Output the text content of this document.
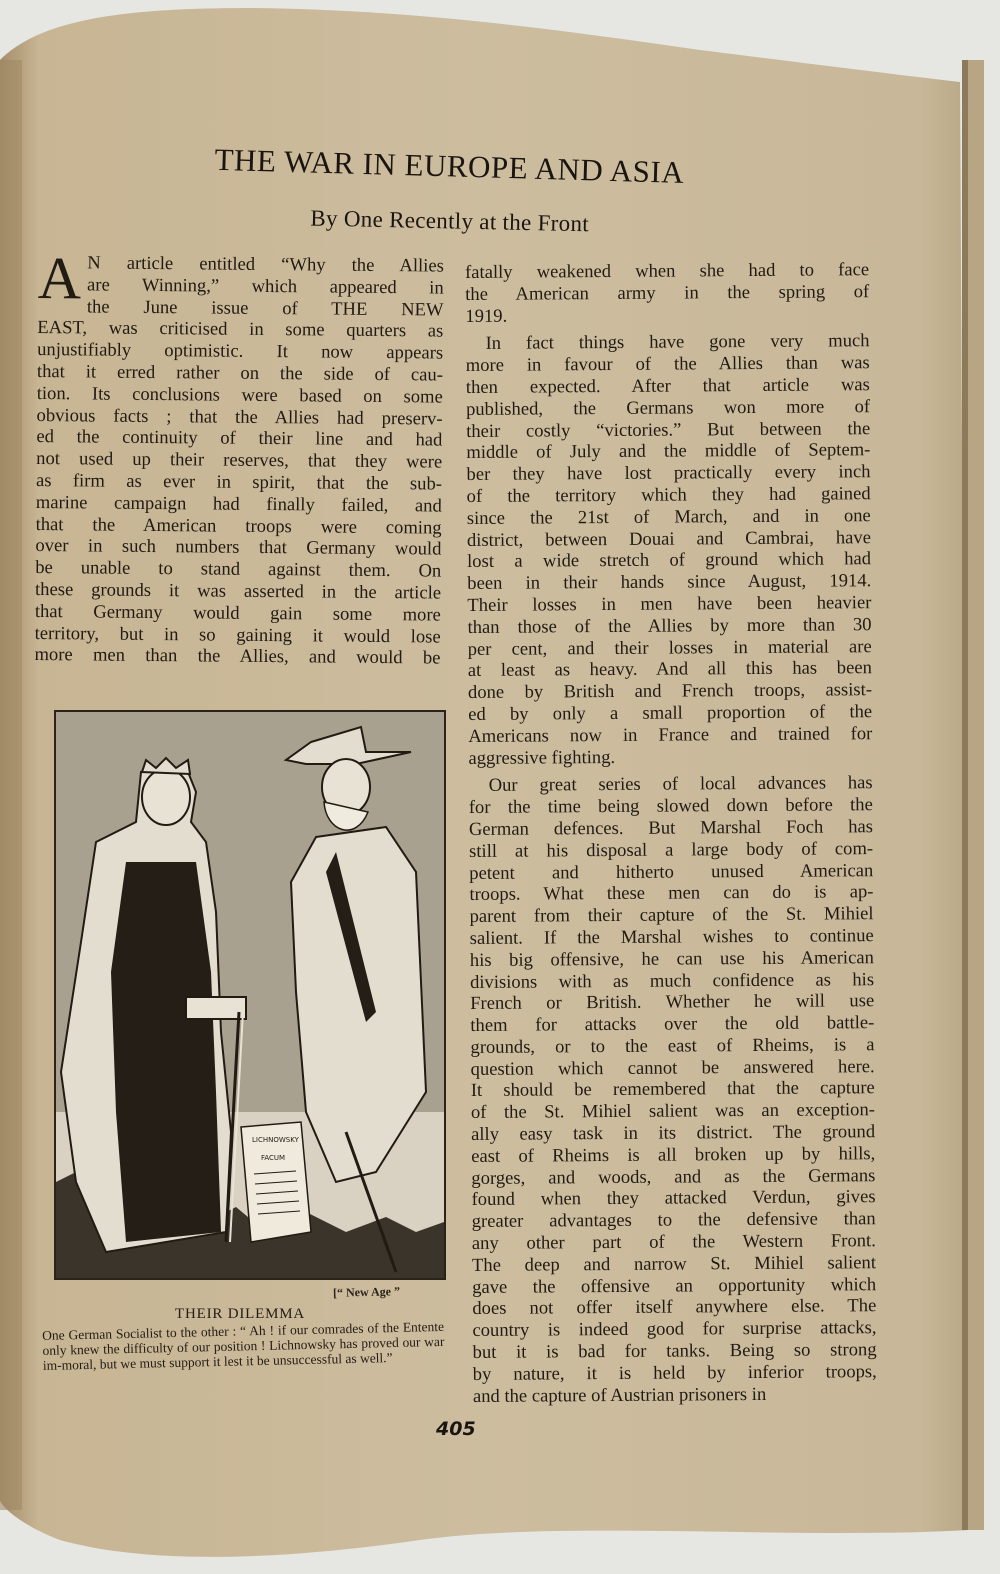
THE WAR IN EUROPE AND ASIA
By One Recently at the Front
A N article entitled “Why the Allies
are Winning,” which appeared in
the June issue of THE NEW
EAST, was criticised in some quarters as
unjustifiably optimistic. It now appears
that it erred rather on the side of cau-
tion. Its conclusions were based on some
obvious facts ; that the Allies had preserv-
ed the continuity of their line and had
not used up their reserves, that they were
as firm as ever in spirit, that the sub-
marine campaign had finally failed, and
that the American troops were coming
over in such numbers that Germany would
be unable to stand against them. On
these grounds it was asserted in the article
that Germany would gain some more
territory, but in so gaining it would lose
more men than the Allies, and would be
fatally weakened when she had to face
the American army in the spring of
1919.
In fact things have gone very much
more in favour of the Allies than was
then expected. After that article was
published, the Germans won more of
their costly “victories.” But between the
middle of July and the middle of Septem-
ber they have lost practically every inch
of the territory which they had gained
since the 21st of March, and in one
district, between Douai and Cambrai, have
lost a wide stretch of ground which had
been in their hands since August, 1914.
Their losses in men have been heavier
than those of the Allies by more than 30
per cent, and their losses in material are
at least as heavy. And all this has been
done by British and French troops, assist-
ed by only a small proportion of the
Americans now in France and trained for
aggressive fighting.
Our great series of local advances has
for the time being slowed down before the
German defences. But Marshal Foch has
still at his disposal a large body of com-
petent and hitherto unused American
troops. What these men can do is ap-
parent from their capture of the St. Mihiel
salient. If the Marshal wishes to continue
his big offensive, he can use his American
divisions with as much confidence as his
French or British. Whether he will use
them for attacks over the old battle-
grounds, or to the east of Rheims, is a
question which cannot be answered here.
It should be remembered that the capture
of the St. Mihiel salient was an exception-
ally easy task in its district. The ground
east of Rheims is all broken up by hills,
gorges, and woods, and as the Germans
found when they attacked Verdun, gives
greater advantages to the defensive than
any other part of the Western Front.
The deep and narrow St. Mihiel salient
gave the offensive an opportunity which
does not offer itself anywhere else. The
country is indeed good for surprise attacks,
but it is bad for tanks. Being so strong
by nature, it is held by inferior troops,
and the capture of Austrian prisoners in
LICHNOWSKY
FACUM
[“ New Age ”
THEIR DILEMMA
One German Socialist to the other : “ Ah ! if our comrades of the Entente only knew the difficulty of our position ! Lichnowsky has proved our war im-moral, but we must support it lest it be unsuccessful as well.”
405
